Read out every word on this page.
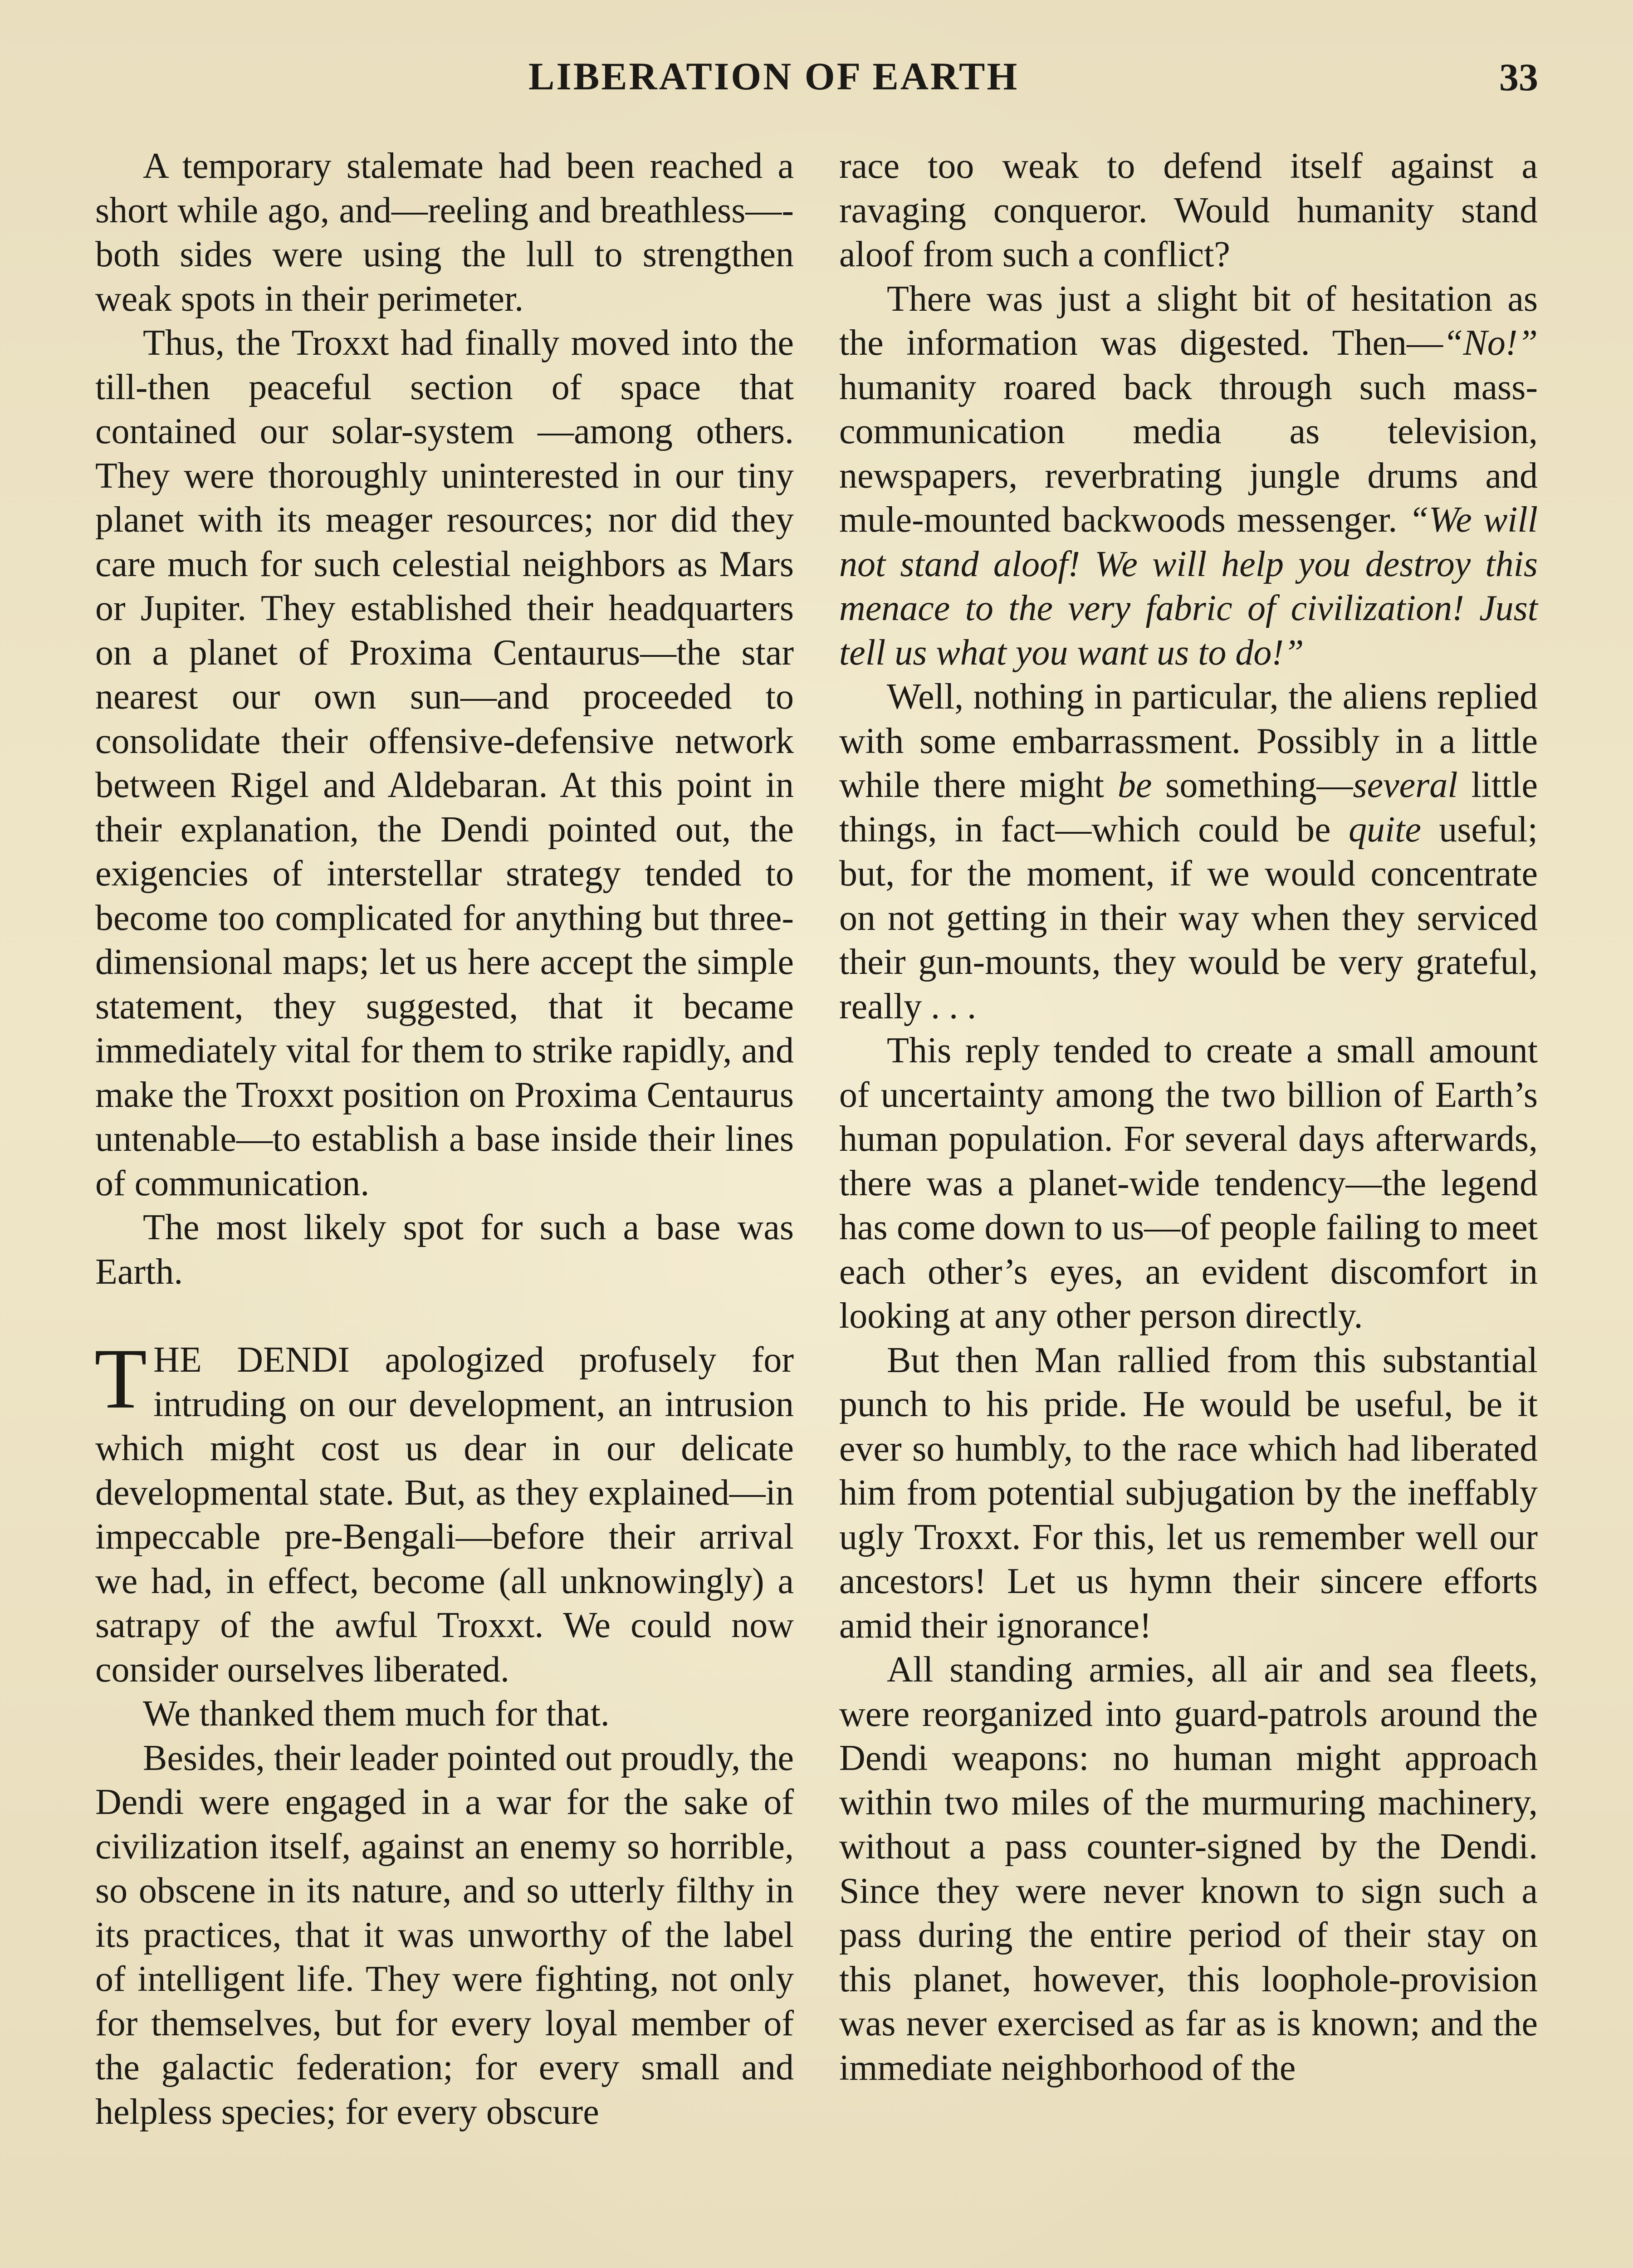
LIBERATION OF EARTH	33

A temporary stalemate had been reached a short while ago, and—reeling and breathless—-both sides were using the lull to strengthen weak spots in their perimeter.

Thus, the Troxxt had finally moved into the till-then peaceful section of space that contained our solar-system —among others. They were thoroughly uninterested in our tiny planet with its meager resources; nor did they care much for such celestial neighbors as Mars or Jupiter. They established their headquarters on a planet of Proxima Centaurus—the star nearest our own sun—and proceeded to consolidate their offensive-defensive network between Rigel and Aldebaran. At this point in their explanation, the Dendi pointed out, the exigencies of interstellar strategy tended to become too complicated for anything but three-dimensional maps; let us here accept the simple statement, they suggested, that it became immediately vital for them to strike rapidly, and make the Troxxt position on Proxima Centaurus untenable—to establish a base inside their lines of communication.

The most likely spot for such a base was Earth.

THE DENDI apologized profusely for intruding on our development, an intrusion which might cost us dear in our delicate developmental state. But, as they explained—in impeccable pre-Bengali—before their arrival we had, in effect, become (all unknowingly) a satrapy of the awful Troxxt. We could now consider ourselves liberated.

We thanked them much for that.

Besides, their leader pointed out proudly, the Dendi were engaged in a war for the sake of civilization itself, against an enemy so horrible, so obscene in its nature, and so utterly filthy in its practices, that it was unworthy of the label of intelligent life. They were fighting, not only for themselves, but for every loyal member of the galactic federation; for every small and helpless species; for every obscure

race too weak to defend itself against a ravaging conqueror. Would humanity stand aloof from such a conflict?

There was just a slight bit of hesitation as the information was digested. Then—“No!” humanity roared back through such mass-communication media as television, newspapers, reverbrating jungle drums and mule-mounted backwoods messenger. “We will not stand aloof! We will help you destroy this menace to the very fabric of civilization! Just tell us what you want us to do!”

Well, nothing in particular, the aliens replied with some embarrassment. Possibly in a little while there might be something—several little things, in fact—which could be quite useful; but, for the moment, if we would concentrate on not getting in their way when they serviced their gun-mounts, they would be very grateful, really . . .

This reply tended to create a small amount of uncertainty among the two billion of Earth’s human population. For several days afterwards, there was a planet-wide tendency—the legend has come down to us—of people failing to meet each other’s eyes, an evident discomfort in looking at any other person directly.

But then Man rallied from this substantial punch to his pride. He would be useful, be it ever so humbly, to the race which had liberated him from potential subjugation by the ineffably ugly Troxxt. For this, let us remember well our ancestors! Let us hymn their sincere efforts amid their ignorance!

All standing armies, all air and sea fleets, were reorganized into guard-patrols around the Dendi weapons: no human might approach within two miles of the murmuring machinery, without a pass counter-signed by the Dendi. Since they were never known to sign such a pass during the entire period of their stay on this planet, however, this loophole-provision was never exercised as far as is known; and the immediate neighborhood of the
